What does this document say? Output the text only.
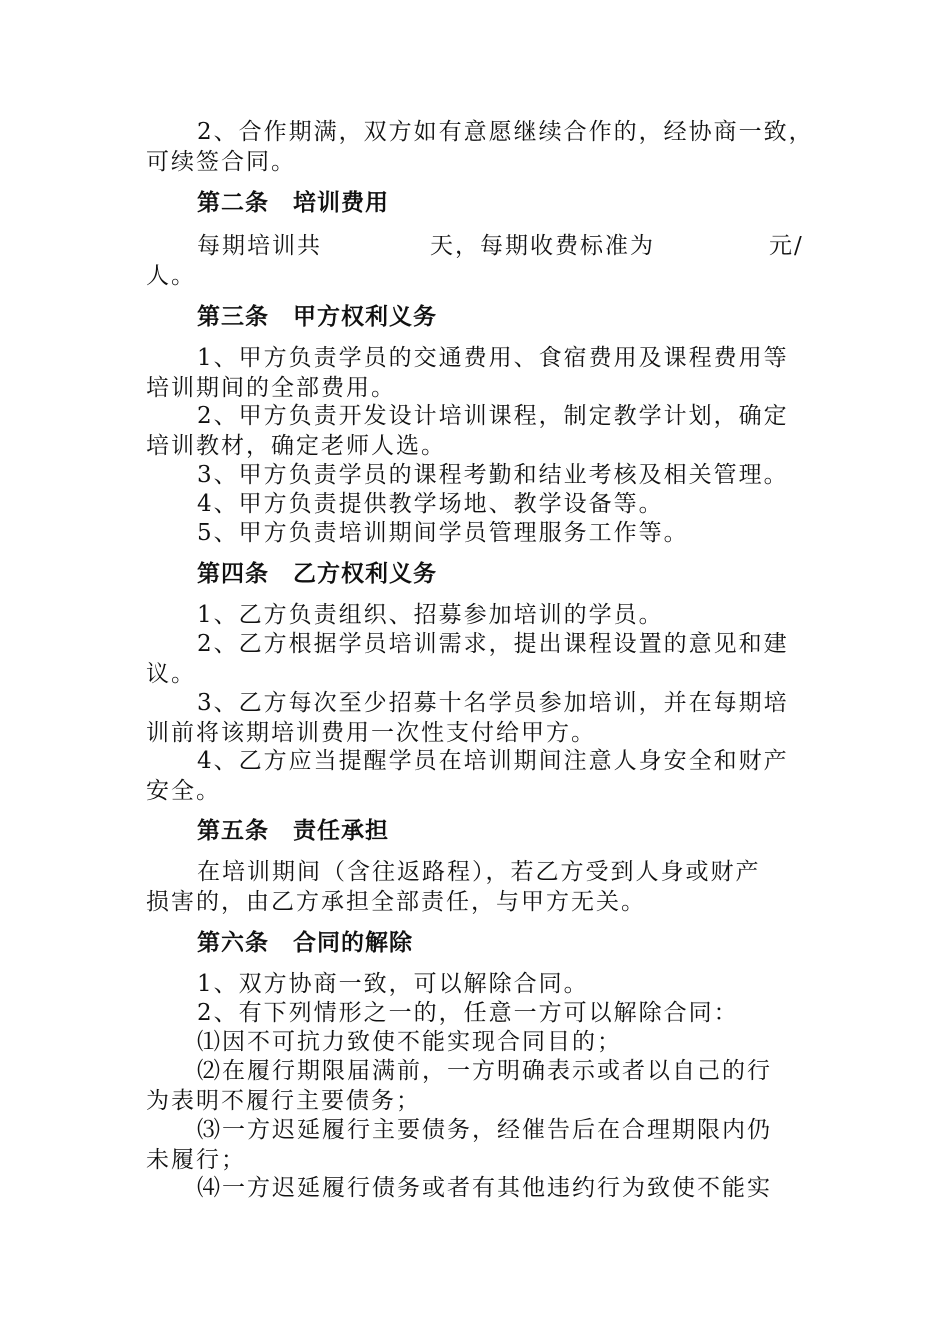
2、合作期满，双方如有意愿继续合作的，经协商一致，
可续签合同。
第二条 培训费用
每期培训共	天，每期收费标准为	元/
人。
第三条 甲方权利义务
1、甲方负责学员的交通费用、食宿费用及课程费用等
培训期间的全部费用。
2、甲方负责开发设计培训课程，制定教学计划，确定
培训教材，确定老师人选。
3、甲方负责学员的课程考勤和结业考核及相关管理。
4、甲方负责提供教学场地、教学设备等。
5、甲方负责培训期间学员管理服务工作等。
第四条 乙方权利义务
1、乙方负责组织、招募参加培训的学员。
2、乙方根据学员培训需求，提出课程设置的意见和建
议。
3、乙方每次至少招募十名学员参加培训，并在每期培
训前将该期培训费用一次性支付给甲方。
4、乙方应当提醒学员在培训期间注意人身安全和财产
安全。
第五条 责任承担
在培训期间（含往返路程），若乙方受到人身或财产
损害的，由乙方承担全部责任，与甲方无关。
第六条 合同的解除
1、双方协商一致，可以解除合同。
2、有下列情形之一的，任意一方可以解除合同：
⑴因不可抗力致使不能实现合同目的；
⑵在履行期限届满前，一方明确表示或者以自己的行
为表明不履行主要债务；
⑶一方迟延履行主要债务，经催告后在合理期限内仍
未履行；
⑷一方迟延履行债务或者有其他违约行为致使不能实
